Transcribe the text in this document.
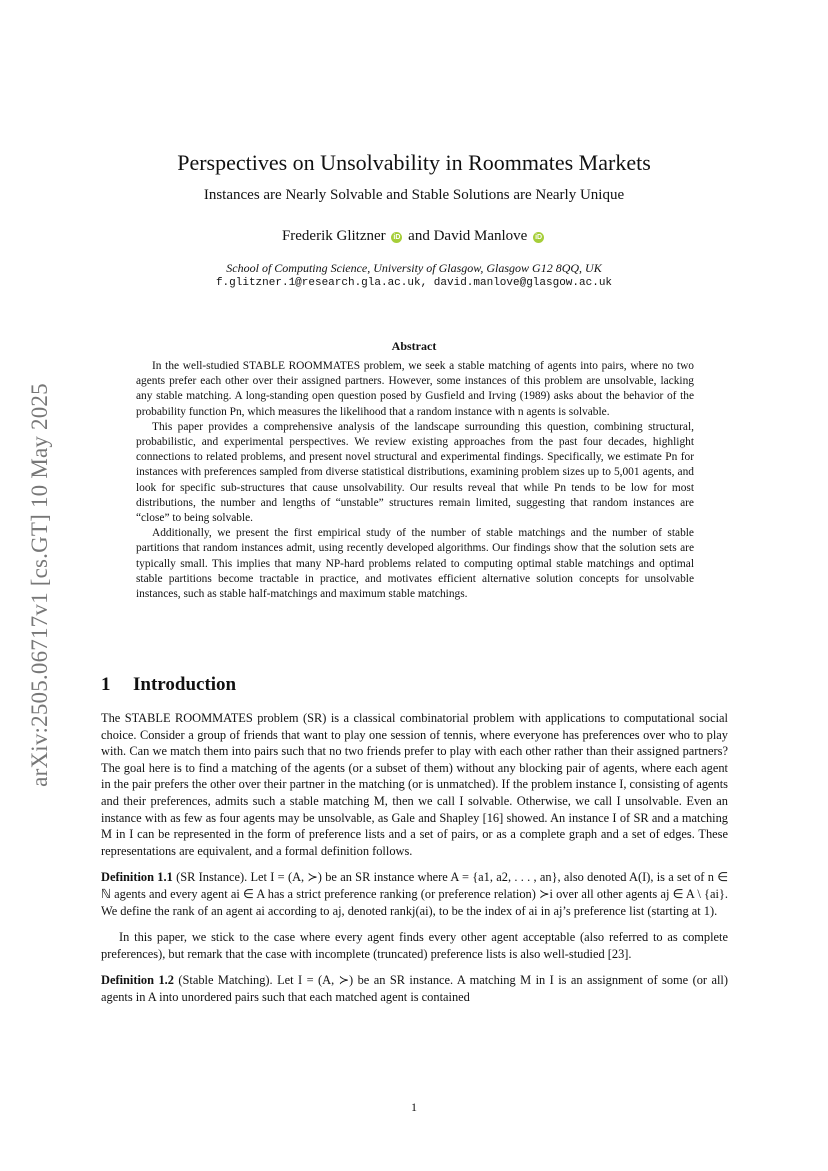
arXiv:2505.06717v1 [cs.GT] 10 May 2025
Perspectives on Unsolvability in Roommates Markets
Instances are Nearly Solvable and Stable Solutions are Nearly Unique
Frederik Glitzner iD and David Manlove iD
School of Computing Science, University of Glasgow, Glasgow G12 8QQ, UK
f.glitzner.1@research.gla.ac.uk, david.manlove@glasgow.ac.uk
Abstract

In the well-studied STABLE ROOMMATES problem, we seek a stable matching of agents into pairs, where no two agents prefer each other over their assigned partners. However, some instances of this problem are unsolvable, lacking any stable matching. A long-standing open question posed by Gusfield and Irving (1989) asks about the behavior of the probability function Pn, which measures the likelihood that a random instance with n agents is solvable.

This paper provides a comprehensive analysis of the landscape surrounding this question, combining structural, probabilistic, and experimental perspectives. We review existing approaches from the past four decades, highlight connections to related problems, and present novel structural and experimental findings. Specifically, we estimate Pn for instances with preferences sampled from diverse statistical distributions, examining problem sizes up to 5,001 agents, and look for specific sub-structures that cause unsolvability. Our results reveal that while Pn tends to be low for most distributions, the number and lengths of “unstable” structures remain limited, suggesting that random instances are “close” to being solvable.

Additionally, we present the first empirical study of the number of stable matchings and the number of stable partitions that random instances admit, using recently developed algorithms. Our findings show that the solution sets are typically small. This implies that many NP-hard problems related to computing optimal stable matchings and optimal stable partitions become tractable in practice, and motivates efficient alternative solution concepts for unsolvable instances, such as stable half-matchings and maximum stable matchings.

1 Introduction

The STABLE ROOMMATES problem (SR) is a classical combinatorial problem with applications to computational social choice. Consider a group of friends that want to play one session of tennis, where everyone has preferences over who to play with. Can we match them into pairs such that no two friends prefer to play with each other rather than their assigned partners? The goal here is to find a matching of the agents (or a subset of them) without any blocking pair of agents, where each agent in the pair prefers the other over their partner in the matching (or is unmatched). If the problem instance I, consisting of agents and their preferences, admits such a stable matching M, then we call I solvable. Otherwise, we call I unsolvable. Even an instance with as few as four agents may be unsolvable, as Gale and Shapley [16] showed. An instance I of SR and a matching M in I can be represented in the form of preference lists and a set of pairs, or as a complete graph and a set of edges. These representations are equivalent, and a formal definition follows.

Definition 1.1 (SR Instance). Let I = (A, ≻) be an SR instance where A = {a1, a2, . . . , an}, also denoted A(I), is a set of n ∈ ℕ agents and every agent ai ∈ A has a strict preference ranking (or preference relation) ≻i over all other agents aj ∈ A \ {ai}. We define the rank of an agent ai according to aj, denoted rankj(ai), to be the index of ai in aj’s preference list (starting at 1).

In this paper, we stick to the case where every agent finds every other agent acceptable (also referred to as complete preferences), but remark that the case with incomplete (truncated) preference lists is also well-studied [23].

Definition 1.2 (Stable Matching). Let I = (A, ≻) be an SR instance. A matching M in I is an assignment of some (or all) agents in A into unordered pairs such that each matched agent is contained

1
